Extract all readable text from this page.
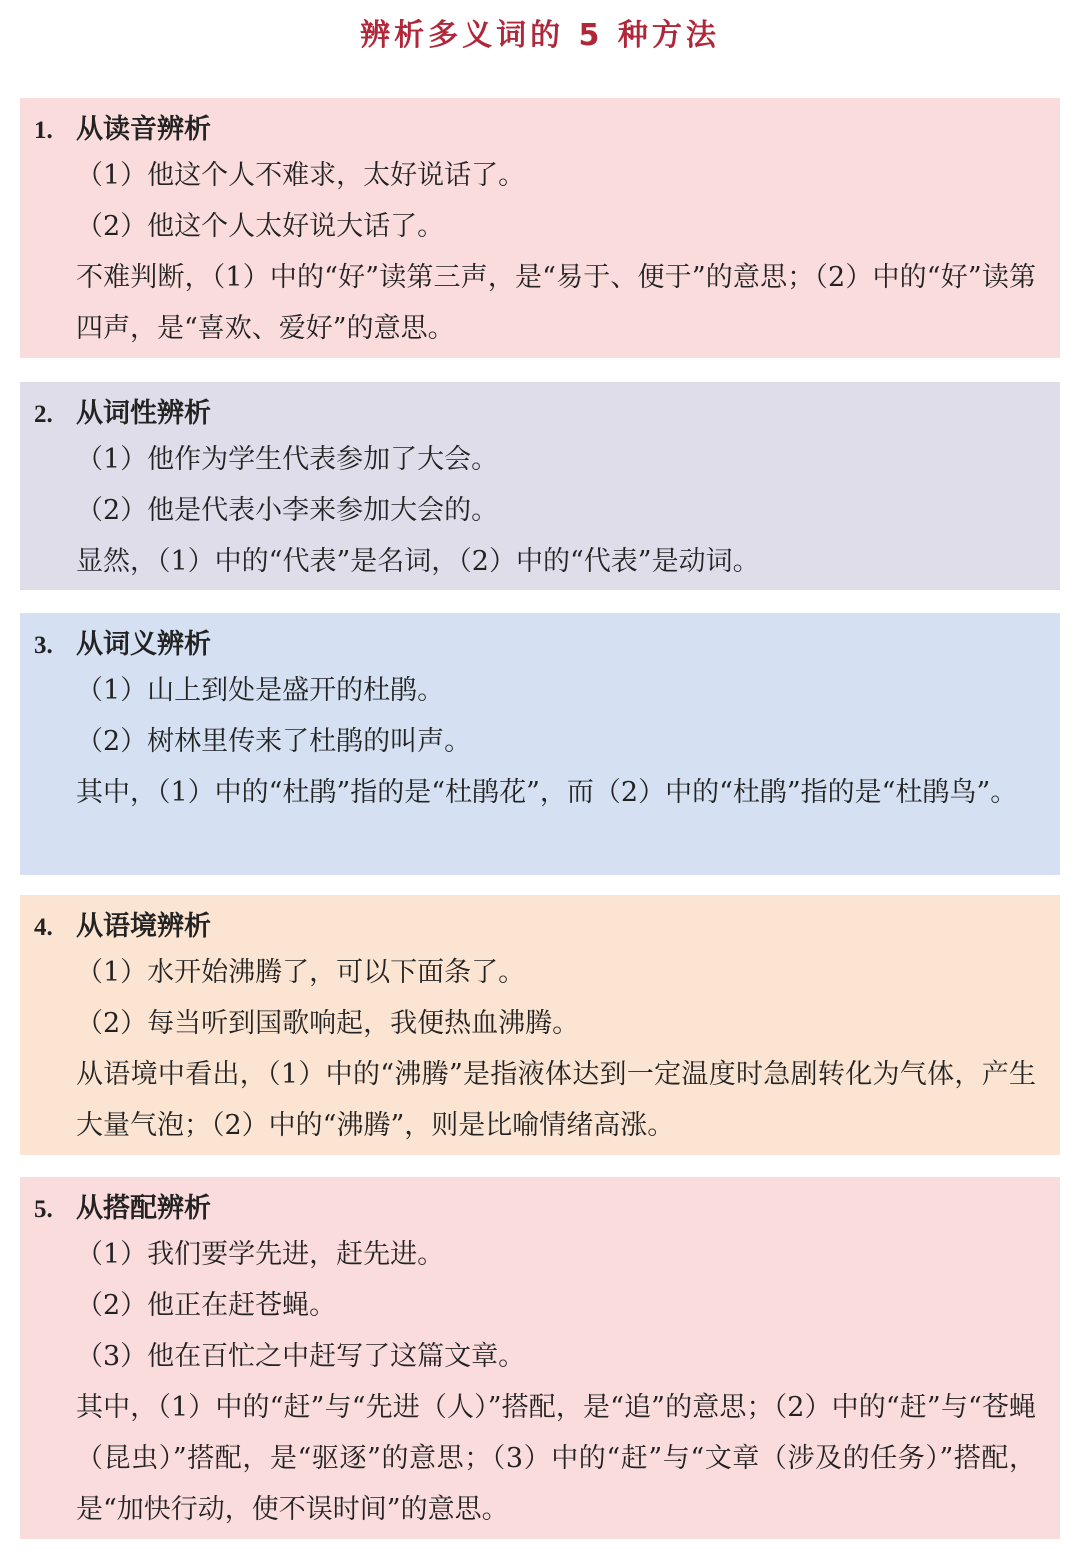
辨析多义词的 5 种方法
1. 从读音辨析
（1）他这个人不难求，太好说话了。
（2）他这个人太好说大话了。
不难判断，（1）中的“好”读第三声，是“易于、便于”的意思；（2）中的“好”读第四声，是“喜欢、爱好”的意思。
2. 从词性辨析
（1）他作为学生代表参加了大会。
（2）他是代表小李来参加大会的。
显然，（1）中的“代表”是名词，（2）中的“代表”是动词。
3. 从词义辨析
（1）山上到处是盛开的杜鹃。
（2）树林里传来了杜鹃的叫声。
其中，（1）中的“杜鹃”指的是“杜鹃花”，而（2）中的“杜鹃”指的是“杜鹃鸟”。
4. 从语境辨析
（1）水开始沸腾了，可以下面条了。
（2）每当听到国歌响起，我便热血沸腾。
从语境中看出，（1）中的“沸腾”是指液体达到一定温度时急剧转化为气体，产生大量气泡；（2）中的“沸腾”，则是比喻情绪高涨。
5. 从搭配辨析
（1）我们要学先进，赶先进。
（2）他正在赶苍蝇。
（3）他在百忙之中赶写了这篇文章。
其中，（1）中的“赶”与“先进（人）”搭配，是“追”的意思；（2）中的“赶”与“苍蝇（昆虫）”搭配，是“驱逐”的意思；（3）中的“赶”与“文章（涉及的任务）”搭配，是“加快行动，使不误时间”的意思。
